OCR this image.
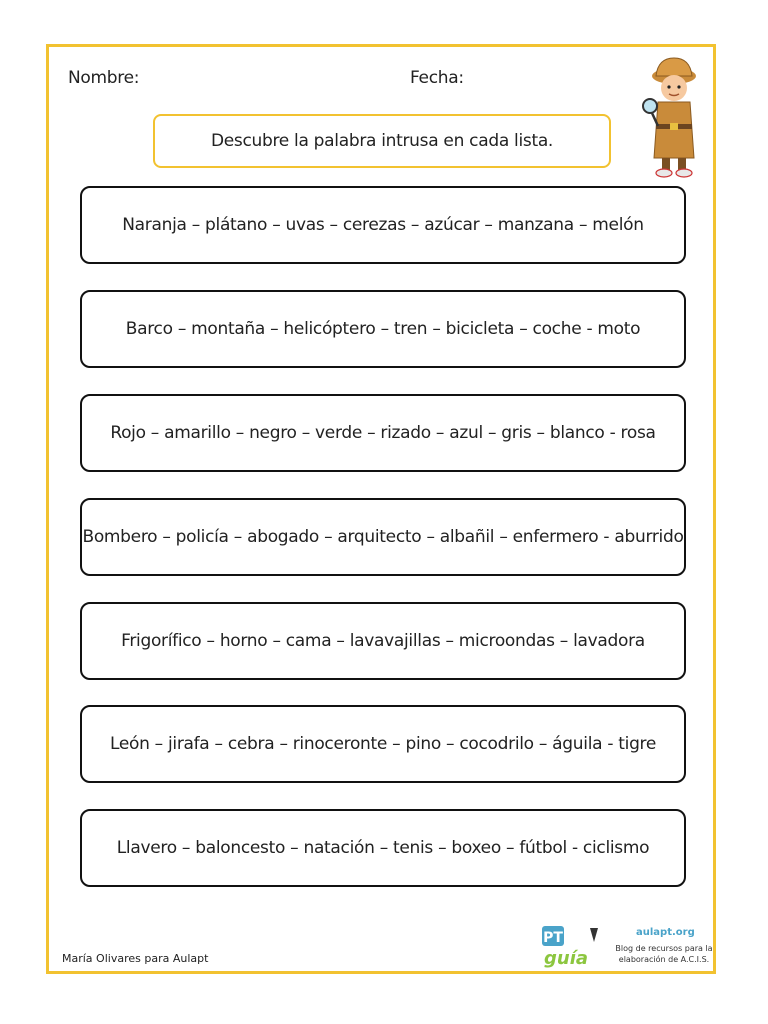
Nombre:	Fecha:
Descubre la palabra intrusa en cada lista.
Naranja – plátano – uvas – cerezas – azúcar – manzana – melón
Barco – montaña – helicóptero – tren – bicicleta – coche - moto
Rojo – amarillo – negro – verde – rizado – azul – gris – blanco - rosa
Bombero – policía – abogado – arquitecto – albañil – enfermero - aburrido
Frigorífico – horno – cama – lavavajillas – microondas – lavadora
León – jirafa – cebra – rinoceronte – pino – cocodrilo – águila - tigre
Llavero – baloncesto – natación – tenis – boxeo – fútbol - ciclismo
María Olivares para Aulapt
PT
guía
aulapt.org
Blog de recursos para la elaboración de A.C.I.S.
